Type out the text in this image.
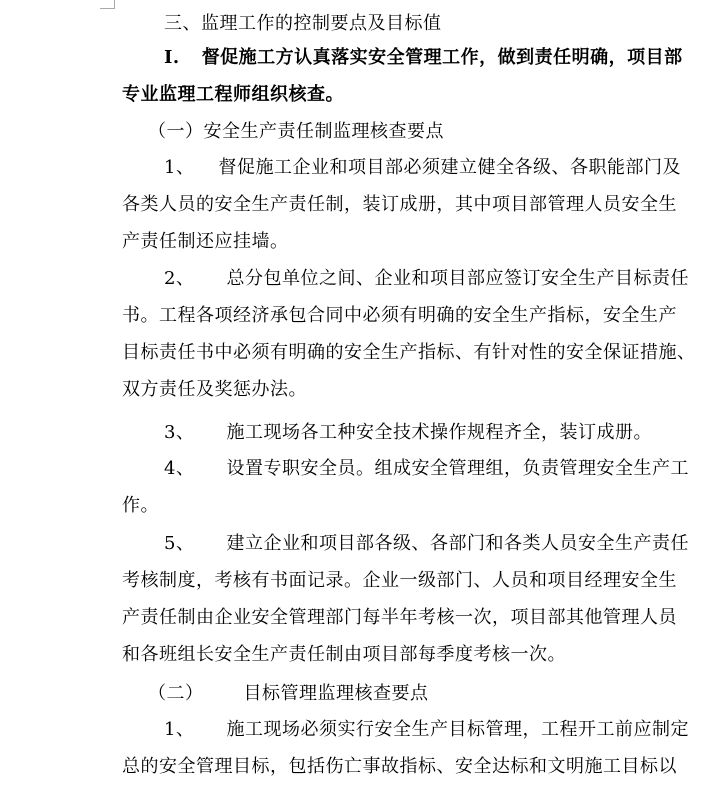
三、监理工作的控制要点及目标值
I. 督促施工方认真落实安全管理工作，做到责任明确，项目部
专业监理工程师组织核查。
（一）安全生产责任制监理核查要点
1、 督促施工企业和项目部必须建立健全各级、各职能部门及
各类人员的安全生产责任制，装订成册，其中项目部管理人员安全生
产责任制还应挂墙。
2、 总分包单位之间、企业和项目部应签订安全生产目标责任
书。工程各项经济承包合同中必须有明确的安全生产指标，安全生产
目标责任书中必须有明确的安全生产指标、有针对性的安全保证措施、
双方责任及奖惩办法。
3、 施工现场各工种安全技术操作规程齐全，装订成册。
4、 设置专职安全员。组成安全管理组，负责管理安全生产工
作。
5、 建立企业和项目部各级、各部门和各类人员安全生产责任
考核制度，考核有书面记录。企业一级部门、人员和项目经理安全生
产责任制由企业安全管理部门每半年考核一次，项目部其他管理人员
和各班组长安全生产责任制由项目部每季度考核一次。
（二） 目标管理监理核查要点
1、 施工现场必须实行安全生产目标管理，工程开工前应制定
总的安全管理目标，包括伤亡事故指标、安全达标和文明施工目标以
